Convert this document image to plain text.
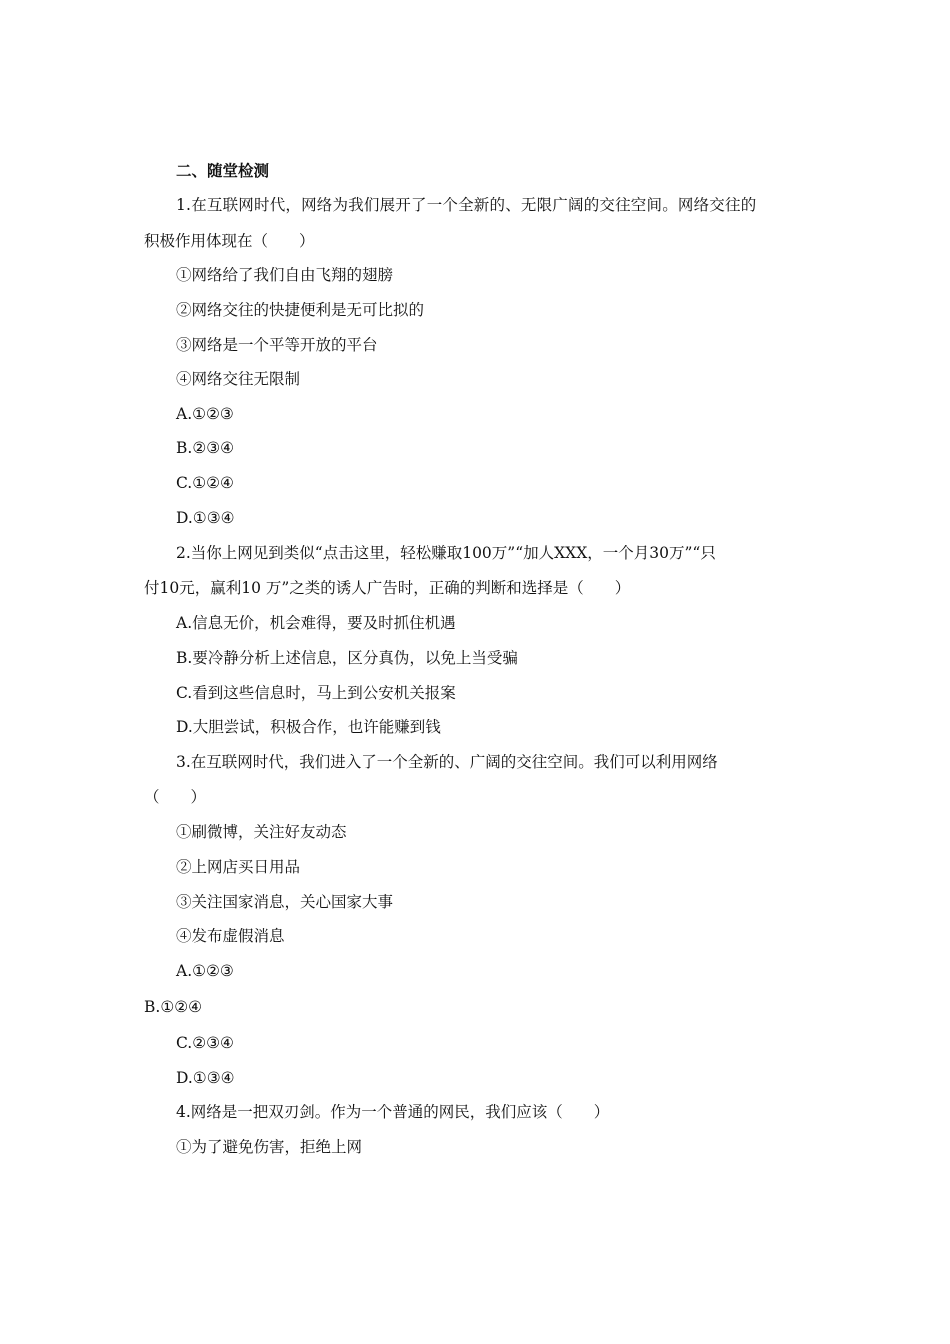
二、随堂检测
1.在互联网时代，网络为我们展开了一个全新的、无限广阔的交往空间。网络交往的
积极作用体现在（　　）
①网络给了我们自由飞翔的翅膀
②网络交往的快捷便利是无可比拟的
③网络是一个平等开放的平台
④网络交往无限制
A.①②③
B.②③④
C.①②④
D.①③④
2.当你上网见到类似“点击这里，轻松赚取100万”“加人XXX，一个月30万”“只
付10元，赢利10 万”之类的诱人广告时，正确的判断和选择是（　　）
A.信息无价，机会难得，要及时抓住机遇
B.要冷静分析上述信息，区分真伪，以免上当受骗
C.看到这些信息时，马上到公安机关报案
D.大胆尝试，积极合作，也许能赚到钱
3.在互联网时代，我们进入了一个全新的、广阔的交往空间。我们可以利用网络
（　　）
①刷微博，关注好友动态
②上网店买日用品
③关注国家消息，关心国家大事
④发布虚假消息
A.①②③
B.①②④
C.②③④
D.①③④
4.网络是一把双刃剑。作为一个普通的网民，我们应该（　　）
①为了避免伤害，拒绝上网
